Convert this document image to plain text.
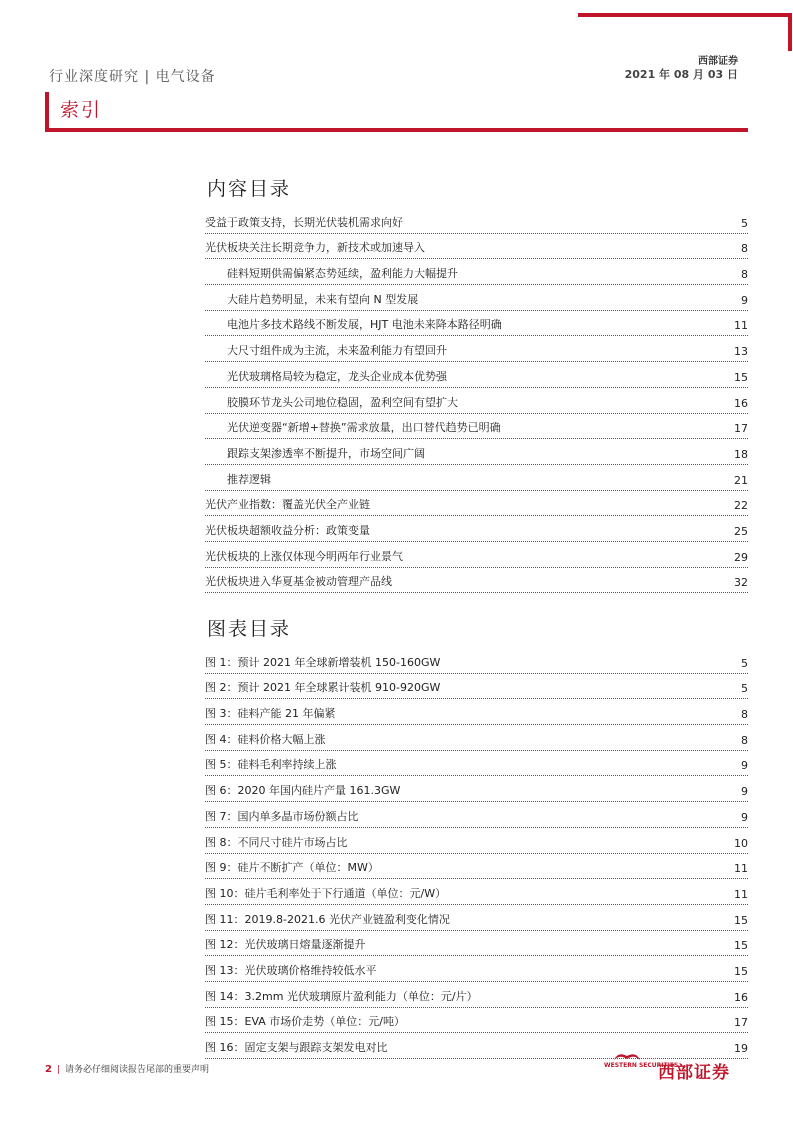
西部证券
2021 年 08 月 03 日
行业深度研究 | 电气设备
索引
内容目录
受益于政策支持，长期光伏装机需求向好	5
光伏板块关注长期竞争力，新技术或加速导入	8
硅料短期供需偏紧态势延续，盈利能力大幅提升	8
大硅片趋势明显，未来有望向 N 型发展	9
电池片多技术路线不断发展，HJT 电池未来降本路径明确	11
大尺寸组件成为主流，未来盈利能力有望回升	13
光伏玻璃格局较为稳定，龙头企业成本优势强	15
胶膜环节龙头公司地位稳固，盈利空间有望扩大	16
光伏逆变器“新增+替换”需求放量，出口替代趋势已明确	17
跟踪支架渗透率不断提升，市场空间广阔	18
推荐逻辑	21
光伏产业指数：覆盖光伏全产业链	22
光伏板块超额收益分析：政策变量	25
光伏板块的上涨仅体现今明两年行业景气	29
光伏板块进入华夏基金被动管理产品线	32
图表目录
图 1：预计 2021 年全球新增装机 150-160GW	5
图 2：预计 2021 年全球累计装机 910-920GW	5
图 3：硅料产能 21 年偏紧	8
图 4：硅料价格大幅上涨	8
图 5：硅料毛利率持续上涨	9
图 6：2020 年国内硅片产量 161.3GW	9
图 7：国内单多晶市场份额占比	9
图 8：不同尺寸硅片市场占比	10
图 9：硅片不断扩产（单位：MW）	11
图 10：硅片毛利率处于下行通道（单位：元/W）	11
图 11：2019.8-2021.6 光伏产业链盈利变化情况	15
图 12：光伏玻璃日熔量逐渐提升	15
图 13：光伏玻璃价格维持较低水平	15
图 14：3.2mm 光伏玻璃原片盈利能力（单位：元/片）	16
图 15：EVA 市场价走势（单位：元/吨）	17
图 16：固定支架与跟踪支架发电对比	19
2 | 请务必仔细阅读报告尾部的重要声明	WESTERN SECURITIES
西部证券
